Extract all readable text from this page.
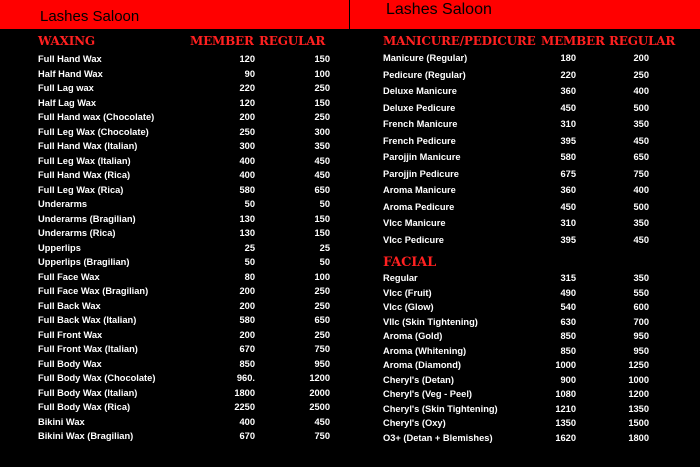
Lashes Saloon	Lashes Saloon
WAXING	MEMBER REGULAR
Full Hand Wax	120	150
Half Hand Wax	90	100
Full Lag wax	220	250
Half Lag Wax	120	150
Full Hand wax (Chocolate)	200	250
Full Leg Wax (Chocolate)	250	300
Full Hand Wax (Italian)	300	350
Full Leg Wax (Italian)	400	450
Full Hand Wax (Rica)	400	450
Full Leg Wax (Rica)	580	650
Underarms	50	50
Underarms (Bragilian)	130	150
Underarms (Rica)	130	150
Upperlips	25	25
Upperlips (Bragilian)	50	50
Full Face Wax	80	100
Full Face Wax (Bragilian)	200	250
Full Back Wax	200	250
Full Back Wax (Italian)	580	650
Full Front Wax	200	250
Full Front Wax (Italian)	670	750
Full Body Wax	850	950
Full Body Wax (Chocolate)	960.	1200
Full Body Wax (Italian)	1800	2000
Full Body Wax (Rica)	2250	2500
Bikini Wax	400	450
Bikini Wax (Bragilian)	670	750
MANICURE/PEDICURE MEMBER REGULAR
Manicure (Regular)	180	200
Pedicure (Regular)	220	250
Deluxe Manicure	360	400
Deluxe Pedicure	450	500
French Manicure	310	350
French Pedicure	395	450
Parojjin Manicure	580	650
Parojjin Pedicure	675	750
Aroma Manicure	360	400
Aroma Pedicure	450	500
Vlcc Manicure	310	350
Vlcc Pedicure	395	450
FACIAL
Regular	315	350
Vlcc (Fruit)	490	550
Vlcc (Glow)	540	600
Vllc (Skin Tightening)	630	700
Aroma (Gold)	850	950
Aroma (Whitening)	850	950
Aroma (Diamond)	1000	1250
Cheryl's (Detan)	900	1000
Cheryl's (Veg - Peel)	1080	1200
Cheryl's (Skin Tightening)	1210	1350
Cheryl's (Oxy)	1350	1500
O3+ (Detan + Blemishes)	1620	1800
